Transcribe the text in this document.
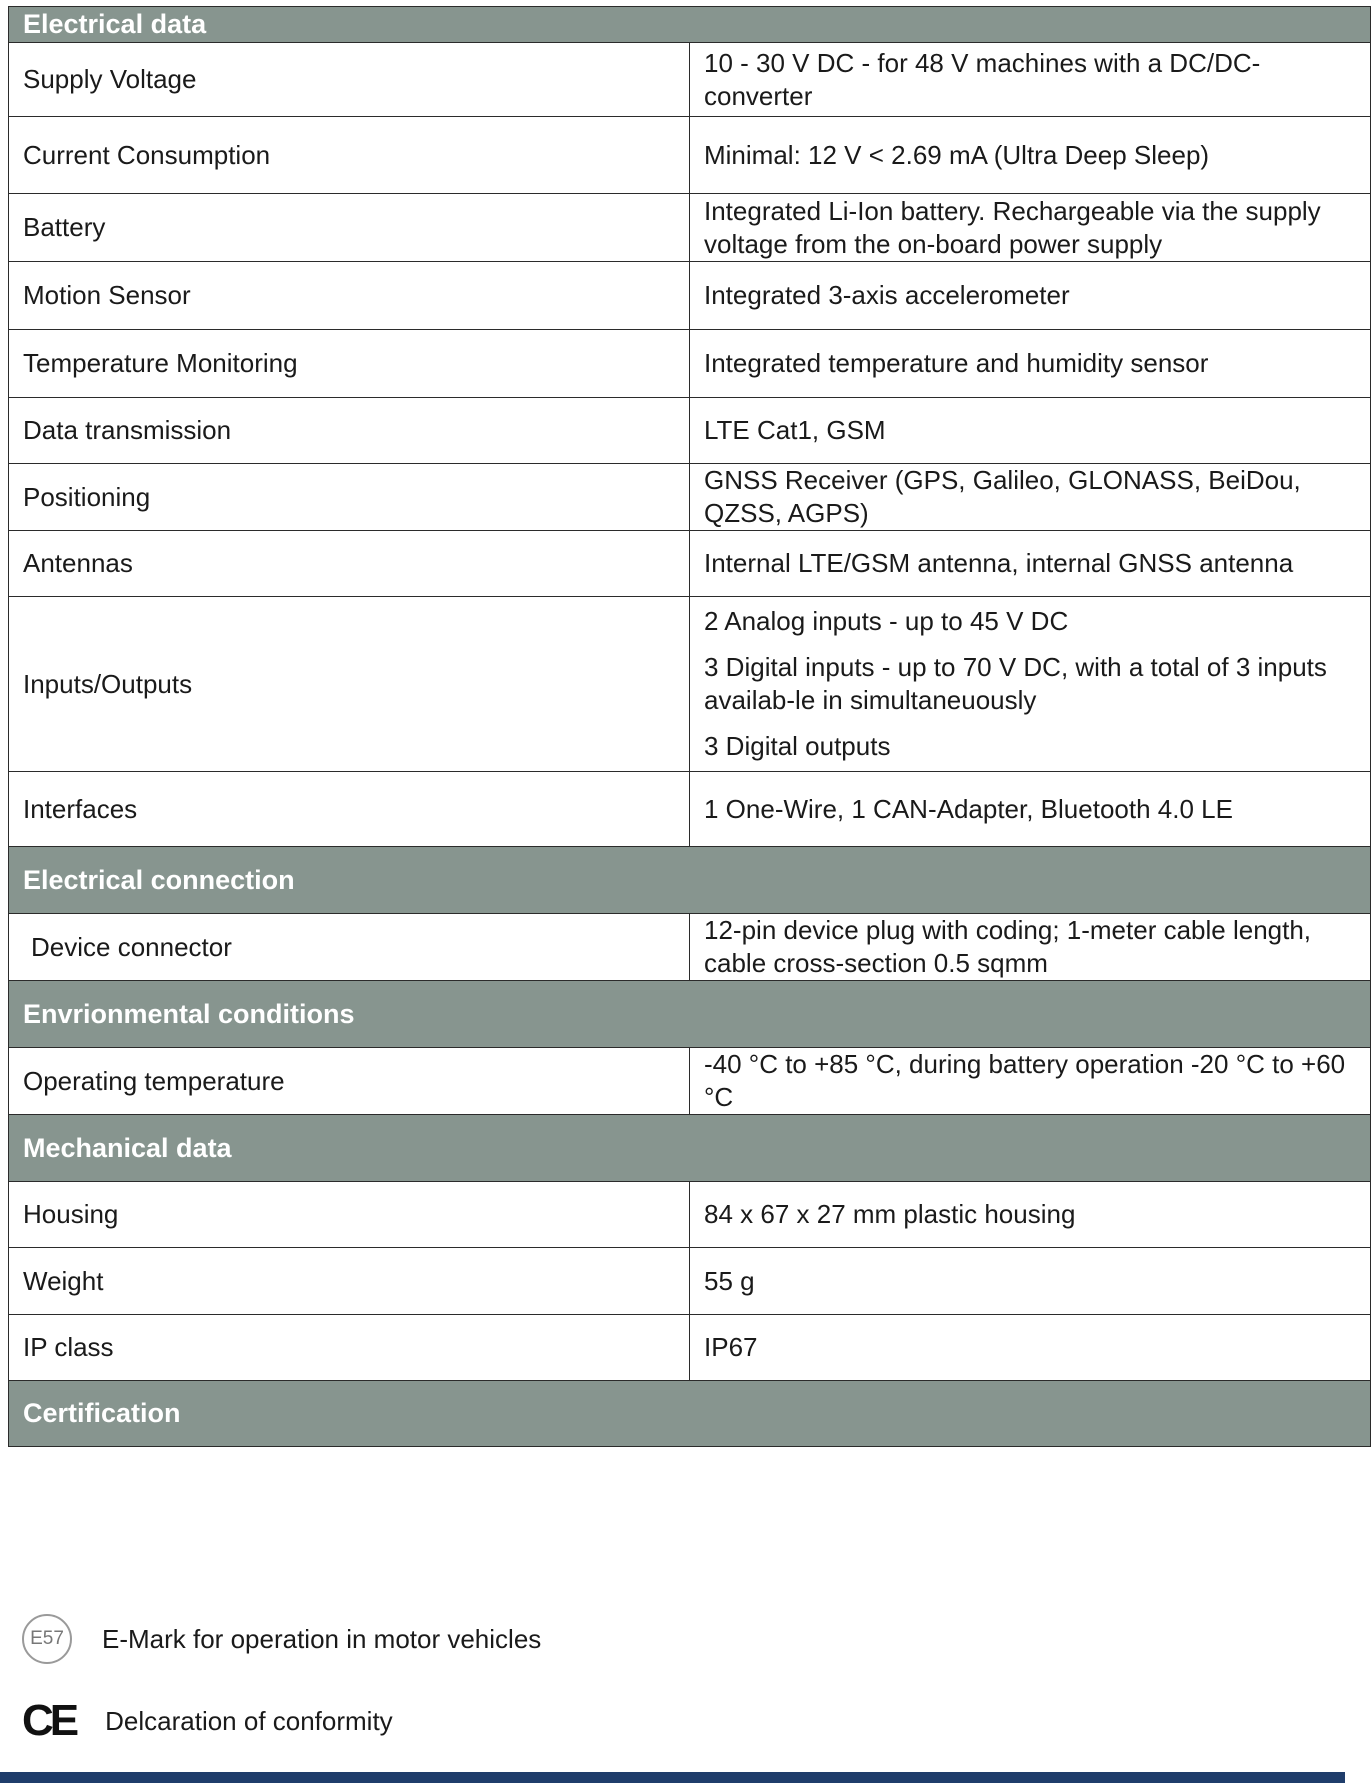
Electrical data	
Supply Voltage	10 - 30 V DC - for 48 V machines with a DC/DC-converter
Current Consumption	Minimal: 12 V < 2.69 mA (Ultra Deep Sleep)
Battery	Integrated Li-Ion battery. Rechargeable via the supply voltage from the on-board power supply
Motion Sensor	Integrated 3-axis accelerometer
Temperature Monitoring	Integrated temperature and humidity sensor
Data transmission	LTE Cat1, GSM
Positioning	GNSS Receiver (GPS, Galileo, GLONASS, BeiDou, QZSS, AGPS)
Antennas	Internal LTE/GSM antenna, internal GNSS antenna
Inputs/Outputs	2 Analog inputs - up to 45 V DC

3 Digital inputs - up to 70 V DC, with a total of 3 inputs availab-le in simultaneuously

3 Digital outputs

Interfaces	1 One-Wire, 1 CAN-Adapter, Bluetooth 4.0 LE
Electrical connection	
Device connector	12-pin device plug with coding; 1-meter cable length, cable cross-section 0.5 sqmm
Envrionmental conditions	
Operating temperature	-40 °C to +85 °C, during battery operation -20 °C to +60 °C
Mechanical data	
Housing	84 x 67 x 27 mm plastic housing
Weight	55 g
IP class	IP67
Certification	
E57	E-Mark for operation in motor vehicles
CE Delcaration of conformity
